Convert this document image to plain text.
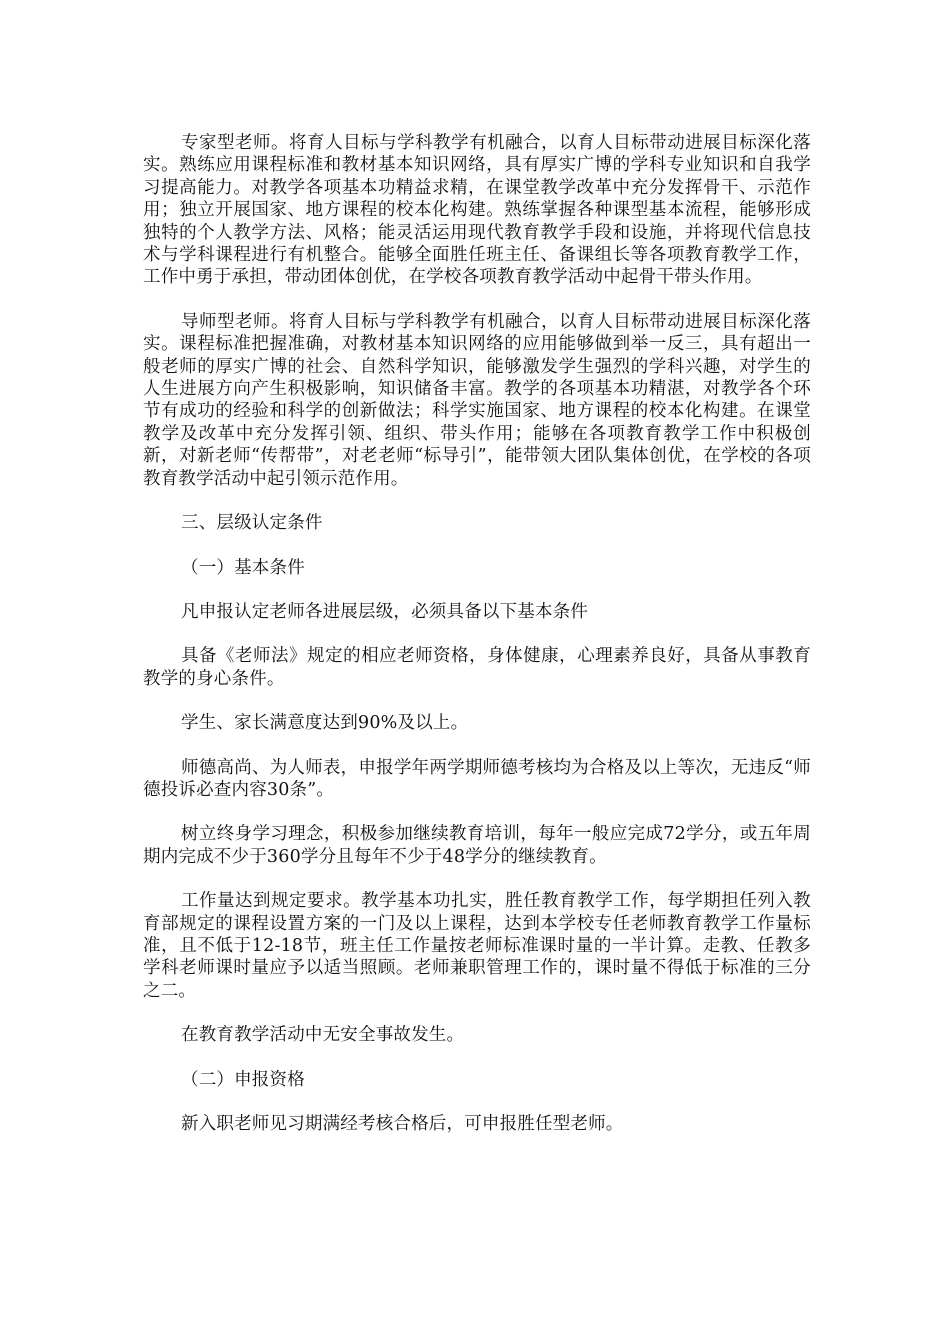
专家型老师。将育人目标与学科教学有机融合，以育人目标带动进展目标深化落实。熟练应用课程标准和教材基本知识网络，具有厚实广博的学科专业知识和自我学习提高能力。对教学各项基本功精益求精，在课堂教学改革中充分发挥骨干、示范作用；独立开展国家、地方课程的校本化构建。熟练掌握各种课型基本流程，能够形成独特的个人教学方法、风格；能灵活运用现代教育教学手段和设施，并将现代信息技术与学科课程进行有机整合。能够全面胜任班主任、备课组长等各项教育教学工作，工作中勇于承担，带动团体创优，在学校各项教育教学活动中起骨干带头作用。

导师型老师。将育人目标与学科教学有机融合，以育人目标带动进展目标深化落实。课程标准把握准确，对教材基本知识网络的应用能够做到举一反三，具有超出一般老师的厚实广博的社会、自然科学知识，能够激发学生强烈的学科兴趣，对学生的人生进展方向产生积极影响，知识储备丰富。教学的各项基本功精湛，对教学各个环节有成功的经验和科学的创新做法；科学实施国家、地方课程的校本化构建。在课堂教学及改革中充分发挥引领、组织、带头作用；能够在各项教育教学工作中积极创新，对新老师“传帮带”，对老老师“标导引”，能带领大团队集体创优，在学校的各项教育教学活动中起引领示范作用。

三、层级认定条件

（一）基本条件

凡申报认定老师各进展层级，必须具备以下基本条件

具备《老师法》规定的相应老师资格，身体健康，心理素养良好，具备从事教育教学的身心条件。

学生、家长满意度达到90%及以上。

师德高尚、为人师表，申报学年两学期师德考核均为合格及以上等次，无违反“师德投诉必查内容30条”。

树立终身学习理念，积极参加继续教育培训，每年一般应完成72学分，或五年周期内完成不少于360学分且每年不少于48学分的继续教育。

工作量达到规定要求。教学基本功扎实，胜任教育教学工作，每学期担任列入教育部规定的课程设置方案的一门及以上课程，达到本学校专任老师教育教学工作量标准，且不低于12-18节，班主任工作量按老师标准课时量的一半计算。走教、任教多学科老师课时量应予以适当照顾。老师兼职管理工作的，课时量不得低于标准的三分之二。

在教育教学活动中无安全事故发生。

（二）申报资格

新入职老师见习期满经考核合格后，可申报胜任型老师。
